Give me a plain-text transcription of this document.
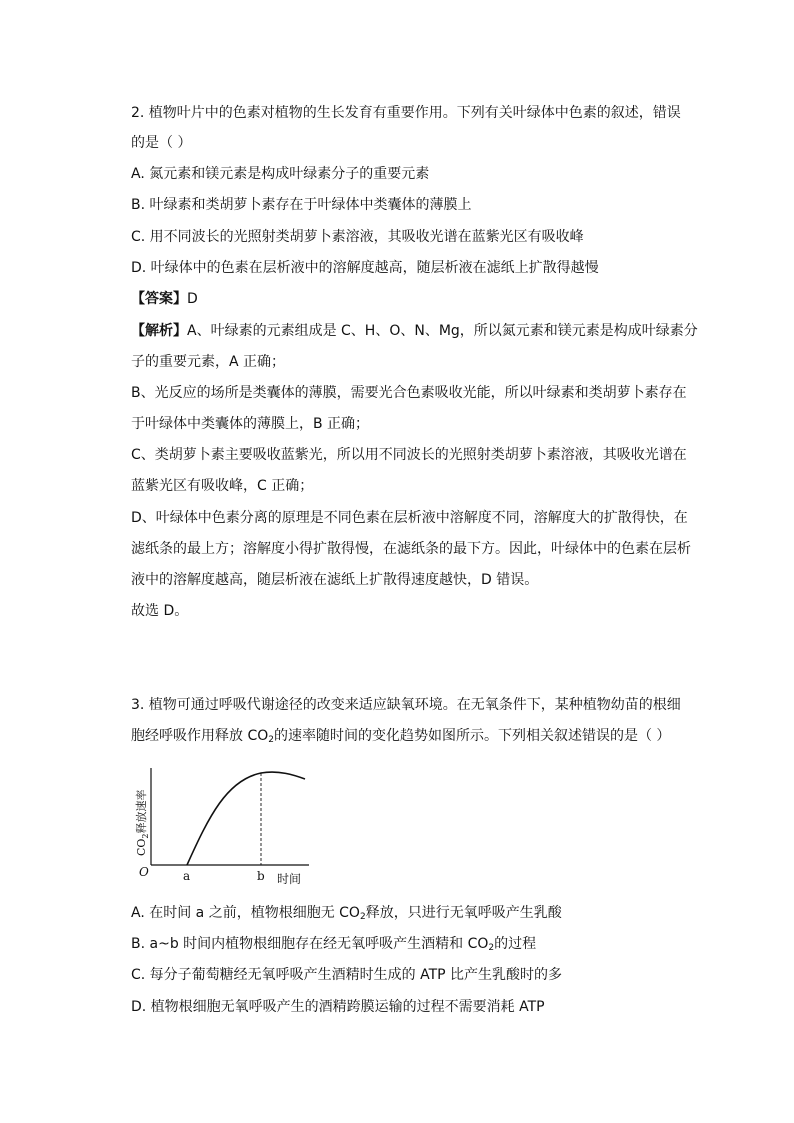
2. 植物叶片中的色素对植物的生长发育有重要作用。下列有关叶绿体中色素的叙述，错误
的是（ ）
A. 氮元素和镁元素是构成叶绿素分子的重要元素
B. 叶绿素和类胡萝卜素存在于叶绿体中类囊体的薄膜上
C. 用不同波长的光照射类胡萝卜素溶液，其吸收光谱在蓝紫光区有吸收峰
D. 叶绿体中的色素在层析液中的溶解度越高，随层析液在滤纸上扩散得越慢
【答案】D
【解析】A、叶绿素的元素组成是 C、H、O、N、Mg，所以氮元素和镁元素是构成叶绿素分
子的重要元素，A 正确；
B、光反应的场所是类囊体的薄膜，需要光合色素吸收光能，所以叶绿素和类胡萝卜素存在
于叶绿体中类囊体的薄膜上，B 正确；
C、类胡萝卜素主要吸收蓝紫光，所以用不同波长的光照射类胡萝卜素溶液，其吸收光谱在
蓝紫光区有吸收峰，C 正确；
D、叶绿体中色素分离的原理是不同色素在层析液中溶解度不同，溶解度大的扩散得快，在
滤纸条的最上方；溶解度小得扩散得慢，在滤纸条的最下方。因此，叶绿体中的色素在层析
液中的溶解度越高，随层析液在滤纸上扩散得速度越快，D 错误。
故选 D。
3. 植物可通过呼吸代谢途径的改变来适应缺氧环境。在无氧条件下，某种植物幼苗的根细
胞经呼吸作用释放 $CO_2$的速率随时间的变化趋势如图所示。下列相关叙述错误的是（ ）
O	a	b 时间
$CO_2$释放速率
A. 在时间 a 之前，植物根细胞无 $CO_2$释放，只进行无氧呼吸产生乳酸
B. a~b 时间内植物根细胞存在经无氧呼吸产生酒精和 $CO_2$的过程
C. 每分子葡萄糖经无氧呼吸产生酒精时生成的 ATP 比产生乳酸时的多
D. 植物根细胞无氧呼吸产生的酒精跨膜运输的过程不需要消耗 ATP
